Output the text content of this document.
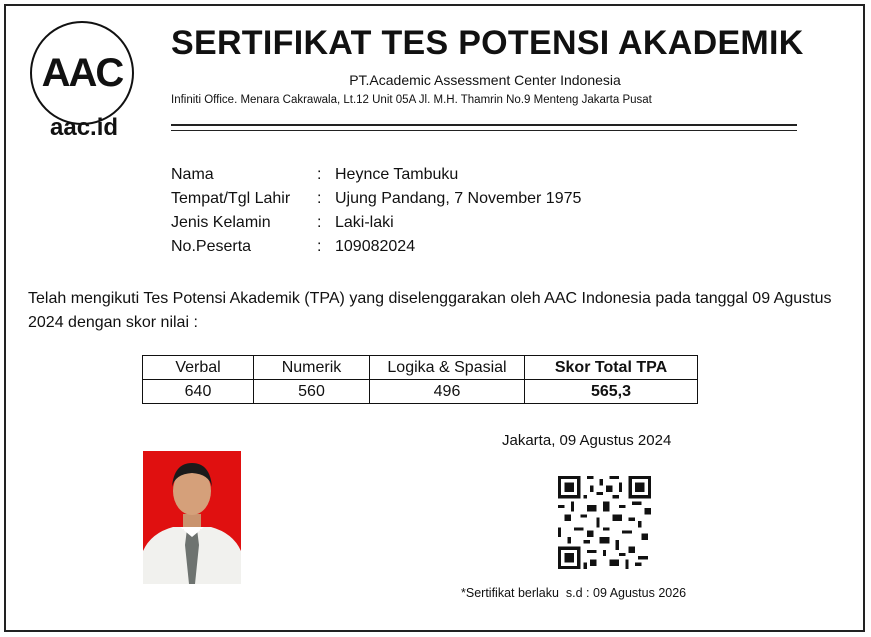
AAC
aac.id
SERTIFIKAT TES POTENSI AKADEMIK
PT.Academic Assessment Center Indonesia
Infiniti Office. Menara Cakrawala, Lt.12 Unit 05A Jl. M.H. Thamrin No.9 Menteng Jakarta Pusat
Nama	: Heynce Tambuku
Tempat/Tgl Lahir : Ujung Pandang, 7 November 1975
Jenis Kelamin	: Laki-laki
No.Peserta	: 109082024
Telah mengikuti Tes Potensi Akademik (TPA) yang diselenggarakan oleh AAC Indonesia pada tanggal 09 Agustus 2024 dengan skor nilai :
Verbal	Numerik	Logika & Spasial	Skor Total TPA
640	560	496	565,3
Jakarta, 09 Agustus 2024
*Sertifikat berlaku  s.d : 09 Agustus 2026
